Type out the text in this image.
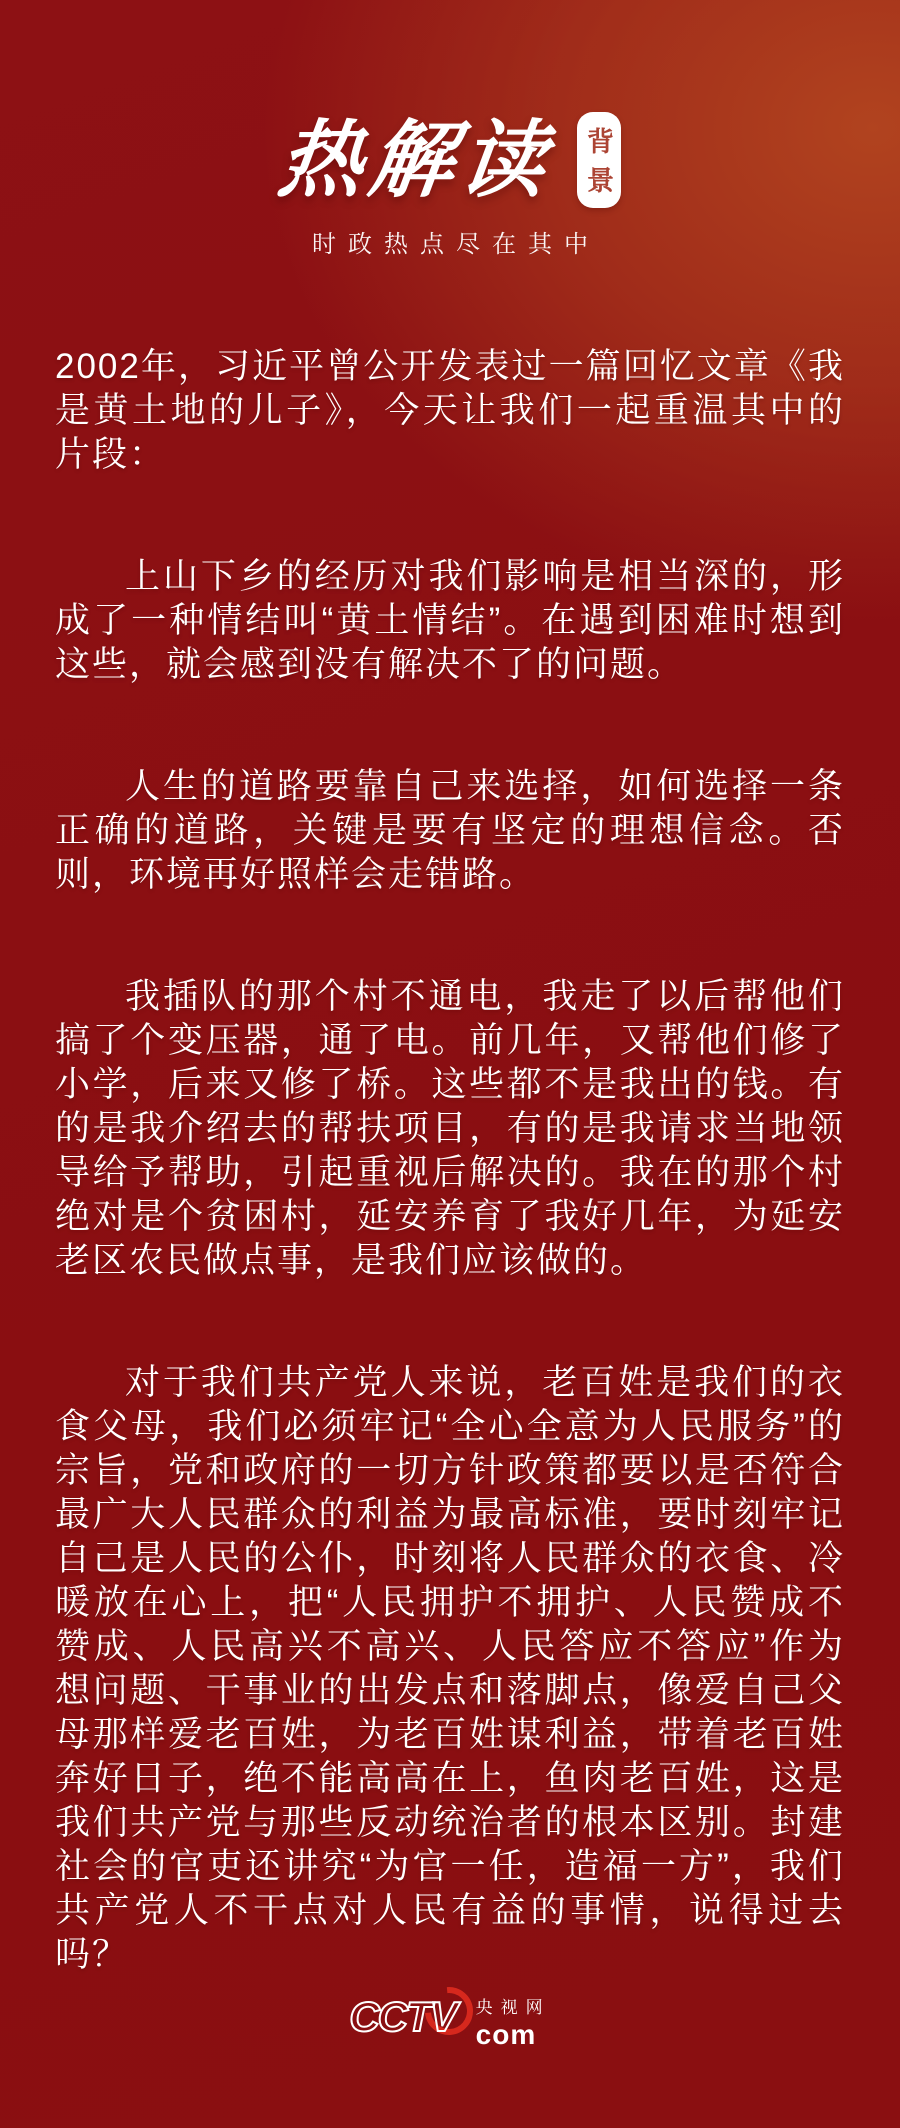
热解读 背景
时政热点尽在其中

2002年，习近平曾公开发表过一篇回忆文章《我是黄土地的儿子》，今天让我们一起重温其中的片段：

上山下乡的经历对我们影响是相当深的，形成了一种情结叫“黄土情结”。在遇到困难时想到这些，就会感到没有解决不了的问题。

人生的道路要靠自己来选择，如何选择一条正确的道路，关键是要有坚定的理想信念。否则，环境再好照样会走错路。

我插队的那个村不通电，我走了以后帮他们搞了个变压器，通了电。前几年，又帮他们修了小学，后来又修了桥。这些都不是我出的钱。有的是我介绍去的帮扶项目，有的是我请求当地领导给予帮助，引起重视后解决的。我在的那个村绝对是个贫困村，延安养育了我好几年，为延安老区农民做点事，是我们应该做的。

对于我们共产党人来说，老百姓是我们的衣食父母，我们必须牢记“全心全意为人民服务”的宗旨，党和政府的一切方针政策都要以是否符合最广大人民群众的利益为最高标准，要时刻牢记自己是人民的公仆，时刻将人民群众的衣食、冷暖放在心上，把“人民拥护不拥护、人民赞成不赞成、人民高兴不高兴、人民答应不答应”作为想问题、干事业的出发点和落脚点，像爱自己父母那样爱老百姓，为老百姓谋利益，带着老百姓奔好日子，绝不能高高在上，鱼肉老百姓，这是我们共产党与那些反动统治者的根本区别。封建社会的官吏还讲究“为官一任，造福一方”，我们共产党人不干点对人民有益的事情，说得过去吗？

CCTV 央视网
com
